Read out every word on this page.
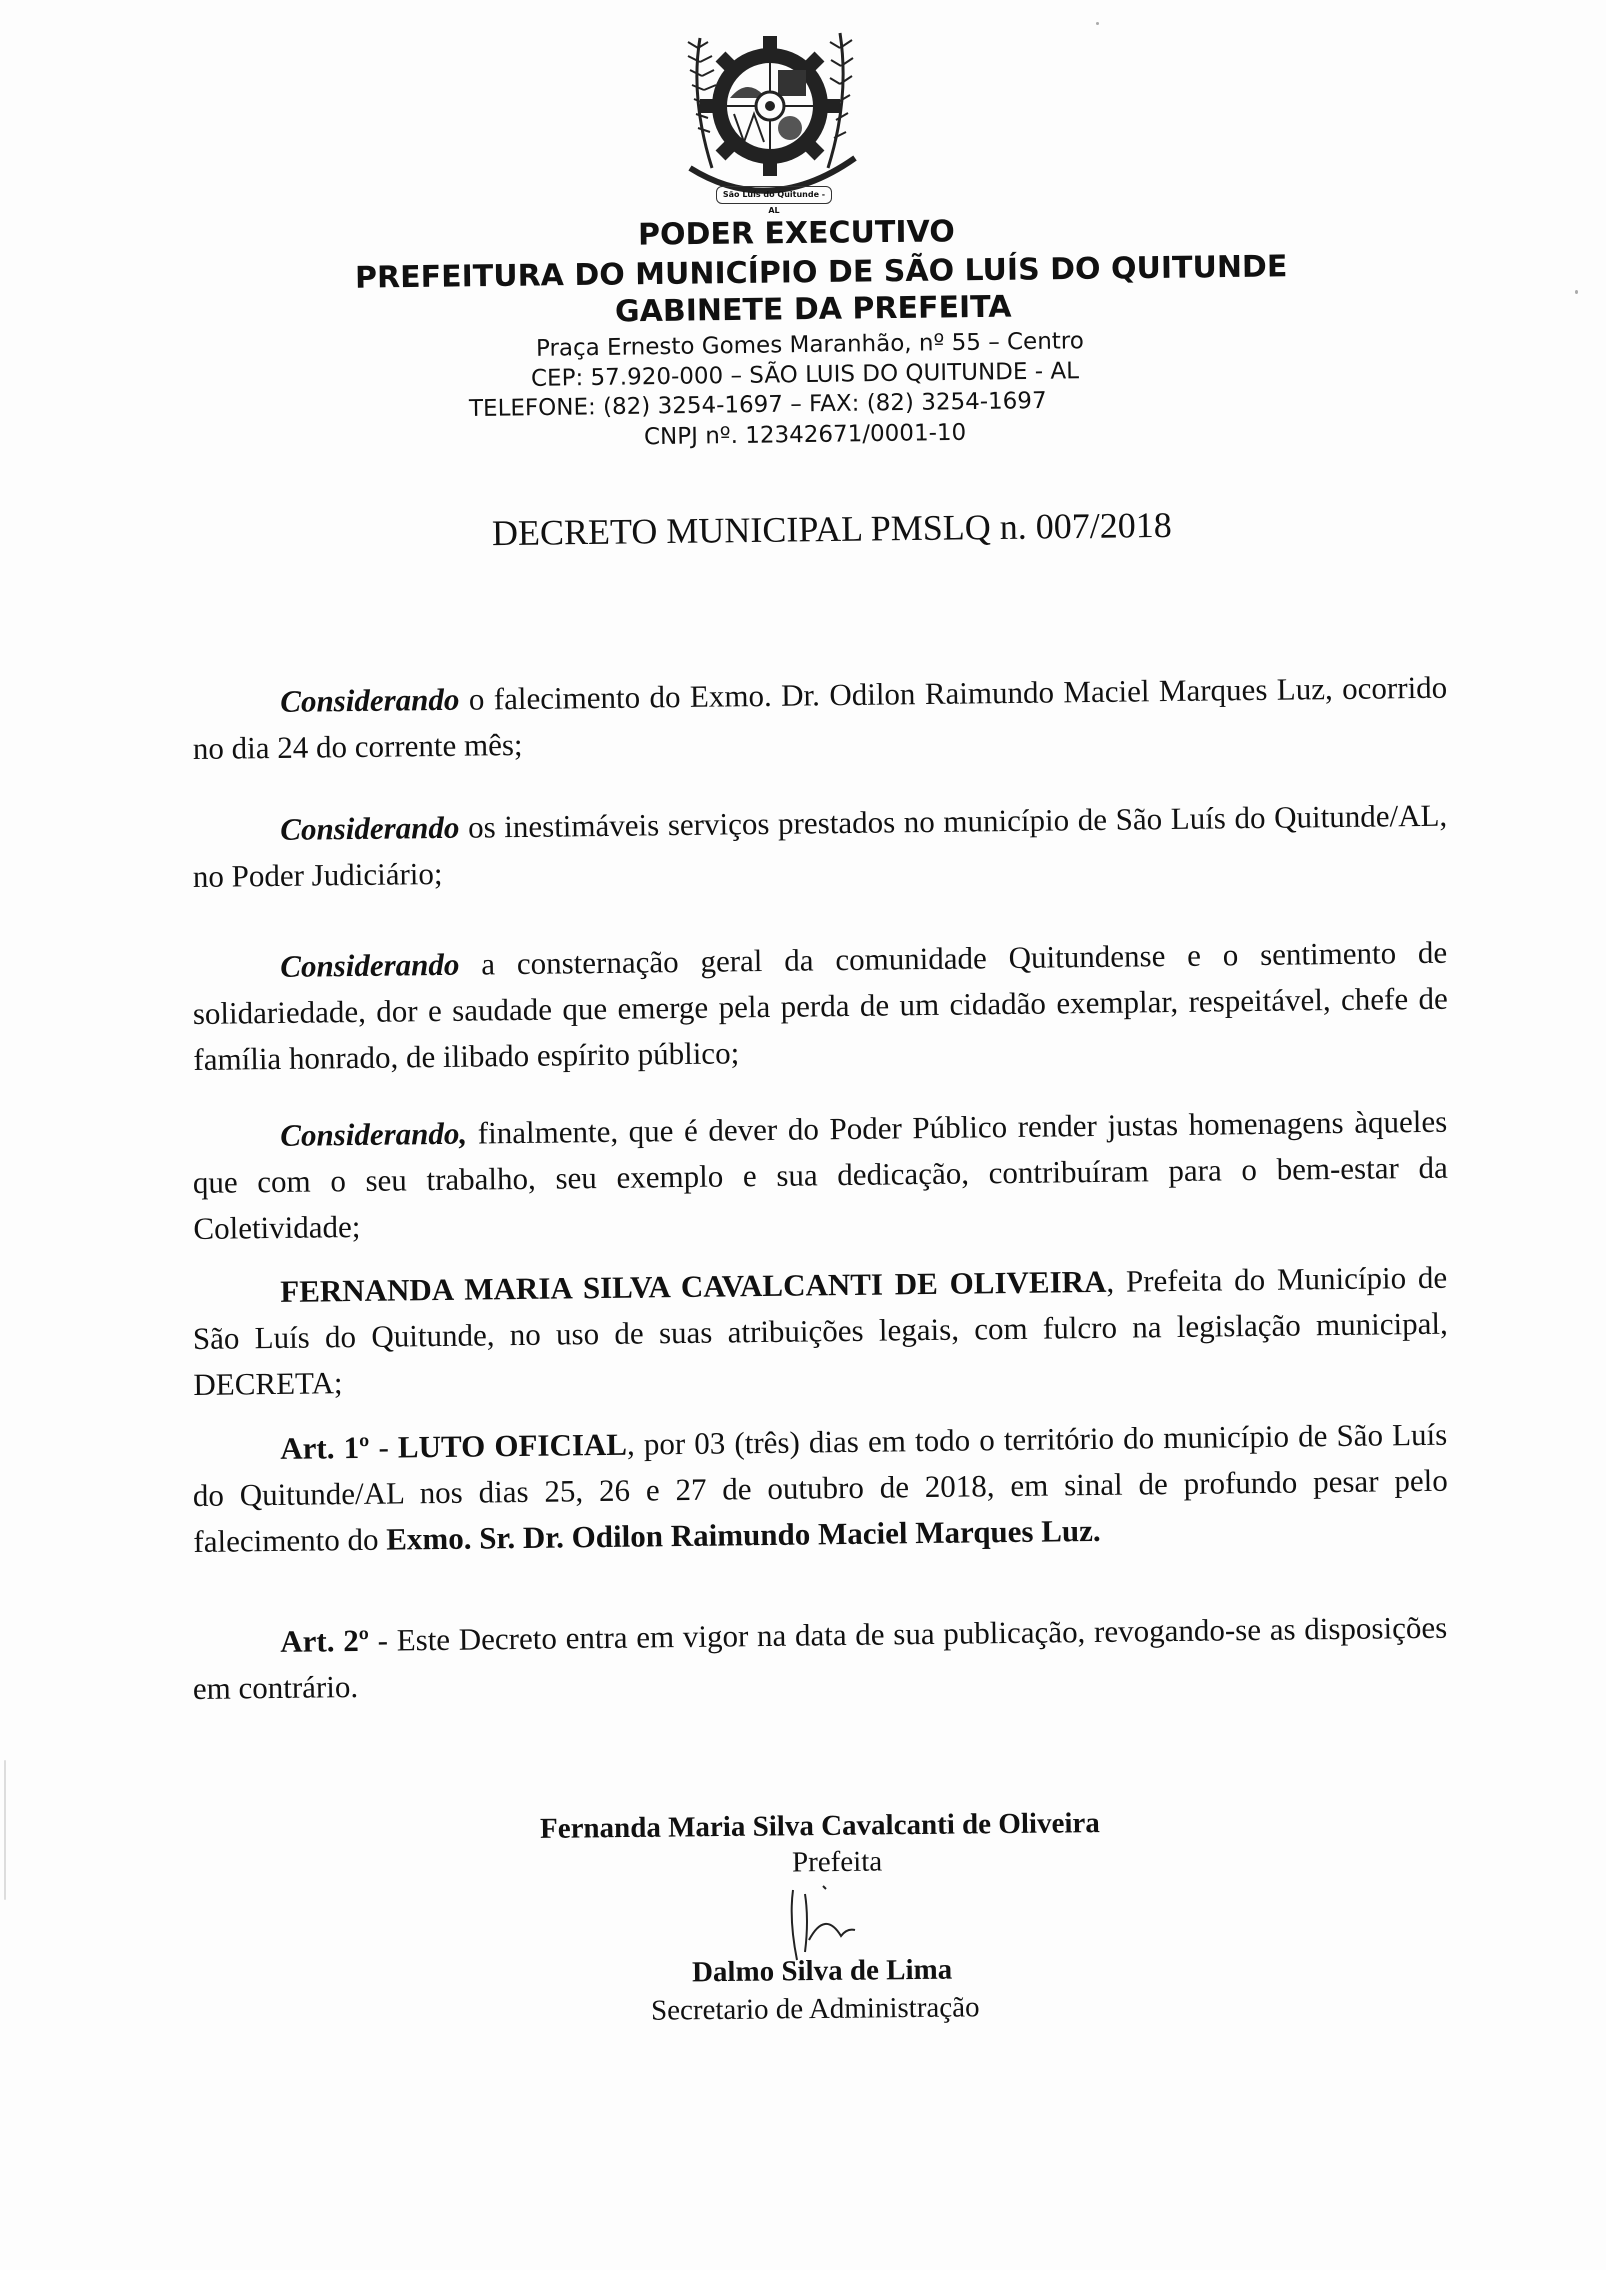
São Luís do Quitunde - AL
PODER EXECUTIVO
PREFEITURA DO MUNICÍPIO DE SÃO LUÍS DO QUITUNDE
GABINETE DA PREFEITA
Praça Ernesto Gomes Maranhão, nº 55 – Centro
CEP: 57.920-000 – SÃO LUIS DO QUITUNDE - AL
TELEFONE: (82) 3254-1697 – FAX: (82) 3254-1697
CNPJ nº. 12342671/0001-10
DECRETO MUNICIPAL PMSLQ n. 007/2018
Considerando o falecimento do Exmo. Dr. Odilon Raimundo Maciel Marques Luz, ocorrido no dia 24 do corrente mês;
Considerando os inestimáveis serviços prestados no município de São Luís do Quitunde/AL, no Poder Judiciário;
Considerando a consternação geral da comunidade Quitundense e o sentimento de solidariedade, dor e saudade que emerge pela perda de um cidadão exemplar, respeitável, chefe de família honrado, de ilibado espírito público;
Considerando, finalmente, que é dever do Poder Público render justas homenagens àqueles que com o seu trabalho, seu exemplo e sua dedicação, contribuíram para o bem-estar da Coletividade;
FERNANDA MARIA SILVA CAVALCANTI DE OLIVEIRA, Prefeita do Município de São Luís do Quitunde, no uso de suas atribuições legais, com fulcro na legislação municipal, DECRETA;
Art. 1º - LUTO OFICIAL, por 03 (três) dias em todo o território do município de São Luís do Quitunde/AL nos dias 25, 26 e 27 de outubro de 2018, em sinal de profundo pesar pelo falecimento do Exmo. Sr. Dr. Odilon Raimundo Maciel Marques Luz.
Art. 2º - Este Decreto entra em vigor na data de sua publicação, revogando-se as disposições em contrário.
Fernanda Maria Silva Cavalcanti de Oliveira
Prefeita
Dalmo Silva de Lima
Secretario de Administração
